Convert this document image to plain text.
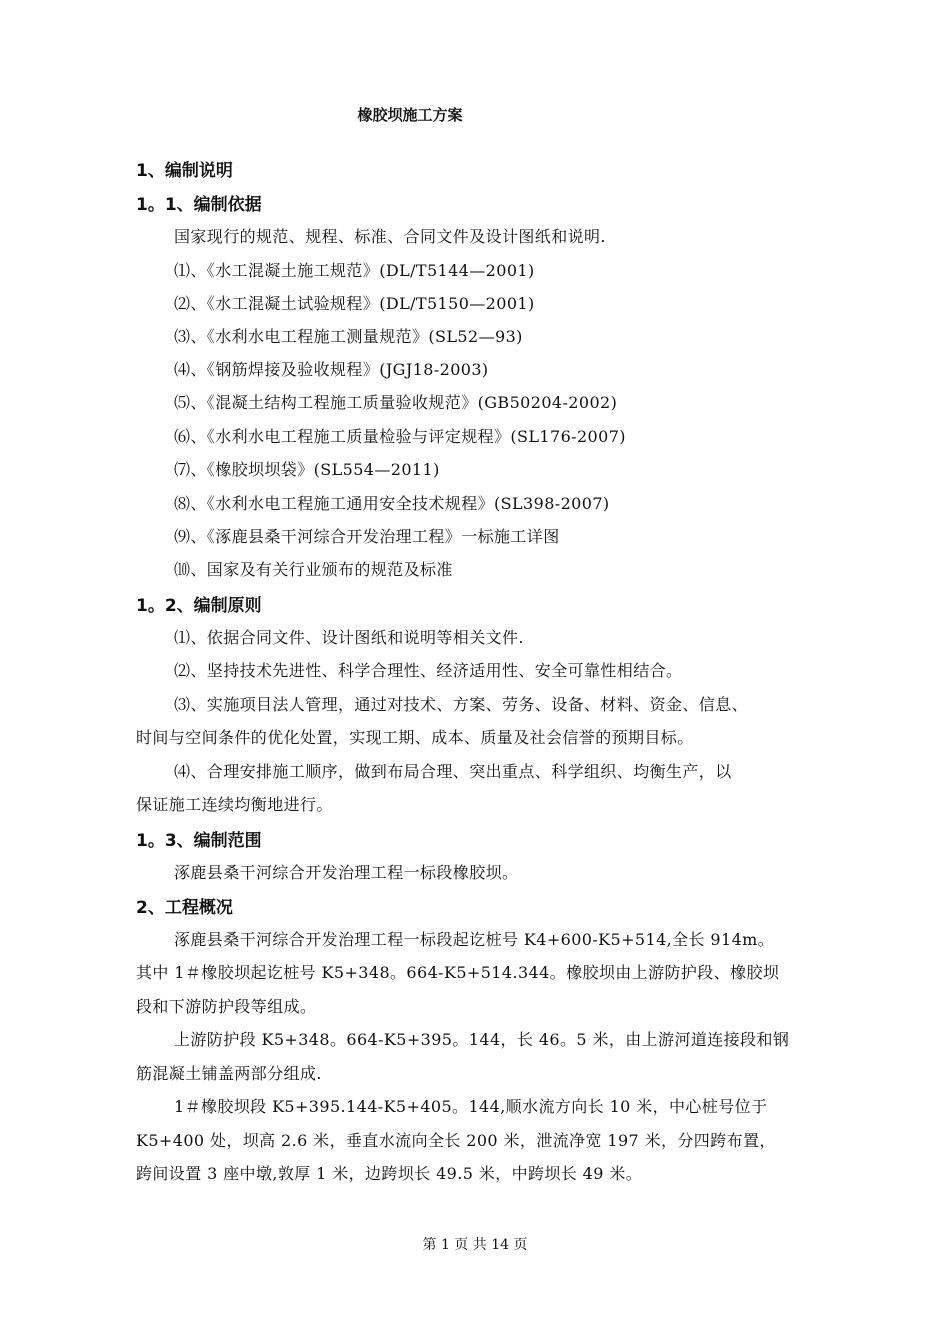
橡胶坝施工方案
1、编制说明
1。1、编制依据
国家现行的规范、规程、标准、合同文件及设计图纸和说明.
⑴、《水工混凝土施工规范》(DL/T5144—2001)
⑵、《水工混凝土试验规程》(DL/T5150—2001)
⑶、《水利水电工程施工测量规范》(SL52—93)
⑷、《钢筋焊接及验收规程》(JGJ18-2003)
⑸、《混凝土结构工程施工质量验收规范》(GB50204-2002)
⑹、《水利水电工程施工质量检验与评定规程》(SL176-2007)
⑺、《橡胶坝坝袋》(SL554—2011)
⑻、《水利水电工程施工通用安全技术规程》(SL398-2007)
⑼、《涿鹿县桑干河综合开发治理工程》一标施工详图
⑽、国家及有关行业颁布的规范及标准
1。2、编制原则
⑴、依据合同文件、设计图纸和说明等相关文件.
⑵、坚持技术先进性、科学合理性、经济适用性、安全可靠性相结合。
⑶、实施项目法人管理，通过对技术、方案、劳务、设备、材料、资金、信息、
时间与空间条件的优化处置，实现工期、成本、质量及社会信誉的预期目标。
⑷、合理安排施工顺序，做到布局合理、突出重点、科学组织、均衡生产，以
保证施工连续均衡地进行。
1。3、编制范围
涿鹿县桑干河综合开发治理工程一标段橡胶坝。
2、工程概况
涿鹿县桑干河综合开发治理工程一标段起讫桩号 K4+600-K5+514,全长 914m。
其中 1＃橡胶坝起讫桩号 K5+348。664-K5+514.344。橡胶坝由上游防护段、橡胶坝
段和下游防护段等组成。
上游防护段 K5+348。664-K5+395。144，长 46。5 米，由上游河道连接段和钢
筋混凝土铺盖两部分组成.
1＃橡胶坝段 K5+395.144-K5+405。144,顺水流方向长 10 米，中心桩号位于
K5+400 处，坝高 2.6 米，垂直水流向全长 200 米，泄流净宽 197 米，分四跨布置，
跨间设置 3 座中墩,敦厚 1 米，边跨坝长 49.5 米，中跨坝长 49 米。
第 1 页 共 14 页
